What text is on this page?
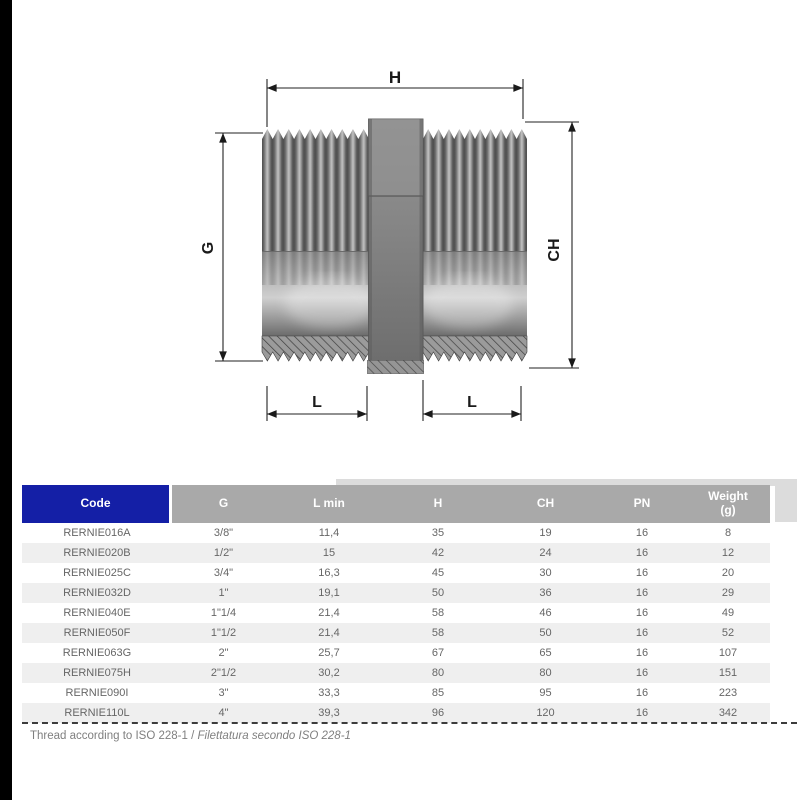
H
G	CH
L	L
Code	G	L min	H	CH	PN	Weight
(g)
RERNIE016A	3/8"	11,4	35	19	16	8
RERNIE020B	1/2"	15	42	24	16	12
RERNIE025C	3/4"	16,3	45	30	16	20
RERNIE032D	1"	19,1	50	36	16	29
RERNIE040E	1"1/4	21,4	58	46	16	49
RERNIE050F	1"1/2	21,4	58	50	16	52
RERNIE063G	2"	25,7	67	65	16	107
RERNIE075H	2"1/2	30,2	80	80	16	151
RERNIE090I	3"	33,3	85	95	16	223
RERNIE110L	4"	39,3	96	120	16	342
Thread according to ISO 228-1 / Filettatura secondo ISO 228-1
